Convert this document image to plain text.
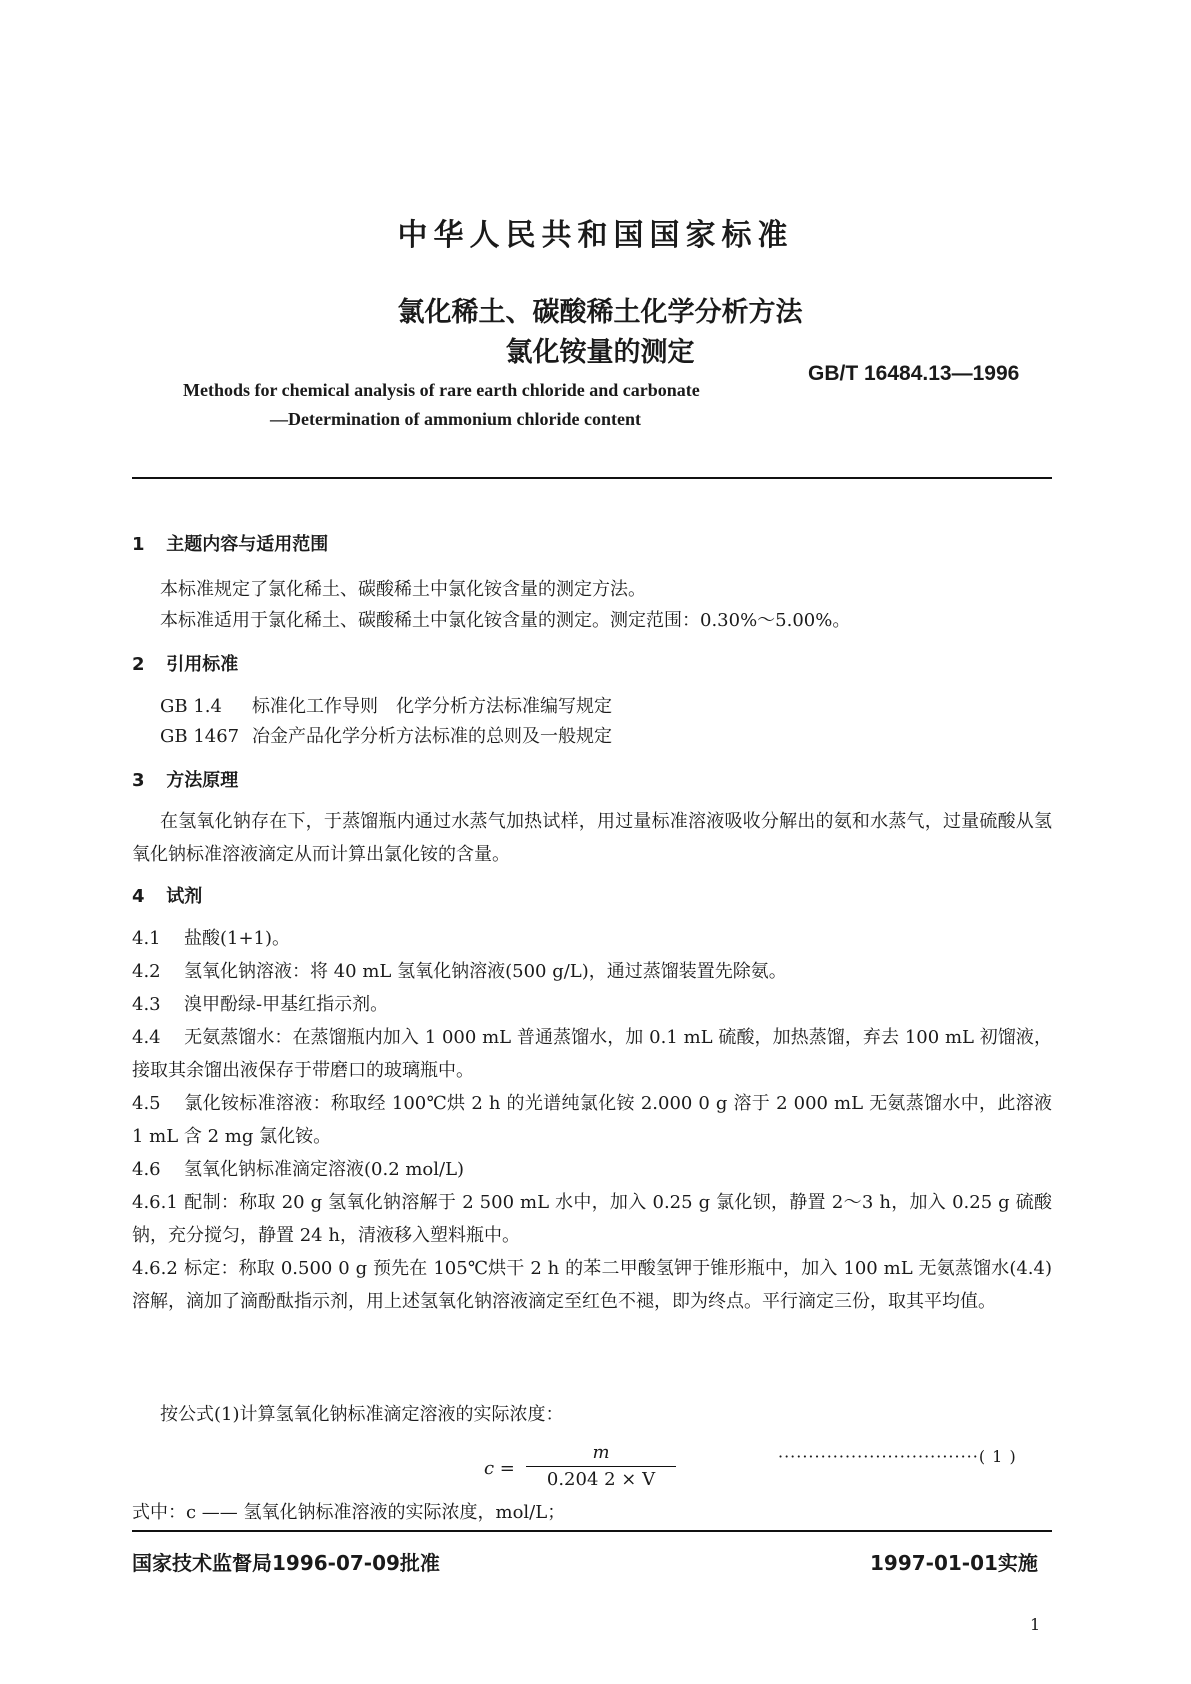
中华人民共和国国家标准
氯化稀土、碳酸稀土化学分析方法
氯化铵量的测定
GB/T 16484.13—1996
Methods for chemical analysis of rare earth chloride and carbonate
—Determination of ammonium chloride content
1 主题内容与适用范围
本标准规定了氯化稀土、碳酸稀土中氯化铵含量的测定方法。
本标准适用于氯化稀土、碳酸稀土中氯化铵含量的测定。测定范围：0.30%～5.00%。
2 引用标准
GB 1.4 标准化工作导则　化学分析方法标准编写规定
GB 1467 冶金产品化学分析方法标准的总则及一般规定
3 方法原理
在氢氧化钠存在下，于蒸馏瓶内通过水蒸气加热试样，用过量标准溶液吸收分解出的氨和水蒸气，过量硫酸从氢氧化钠标准溶液滴定从而计算出氯化铵的含量。
4 试剂
4.1 盐酸(1+1)。
4.2 氢氧化钠溶液：将 40 mL 氢氧化钠溶液(500 g/L)，通过蒸馏装置先除氨。
4.3 溴甲酚绿-甲基红指示剂。
4.4 无氨蒸馏水：在蒸馏瓶内加入 1 000 mL 普通蒸馏水，加 0.1 mL 硫酸，加热蒸馏，弃去 100 mL 初馏液，接取其余馏出液保存于带磨口的玻璃瓶中。
4.5 氯化铵标准溶液：称取经 100℃烘 2 h 的光谱纯氯化铵 2.000 0 g 溶于 2 000 mL 无氨蒸馏水中，此溶液 1 mL 含 2 mg 氯化铵。
4.6 氢氧化钠标准滴定溶液(0.2 mol/L)
4.6.1 配制：称取 20 g 氢氧化钠溶解于 2 500 mL 水中，加入 0.25 g 氯化钡，静置 2～3 h，加入 0.25 g 硫酸钠，充分搅匀，静置 24 h，清液移入塑料瓶中。
4.6.2 标定：称取 0.500 0 g 预先在 105℃烘干 2 h 的苯二甲酸氢钾于锥形瓶中，加入 100 mL 无氨蒸馏水(4.4)溶解，滴加了滴酚酞指示剂，用上述氢氧化钠溶液滴定至红色不褪，即为终点。平行滴定三份，取其平均值。
按公式(1)计算氢氧化钠标准滴定溶液的实际浓度：
c =
m
0.204 2 × V
·································( 1 )
式中：c —— 氢氧化钠标准溶液的实际浓度，mol/L；
国家技术监督局1996-07-09批准	1997-01-01实施
1
